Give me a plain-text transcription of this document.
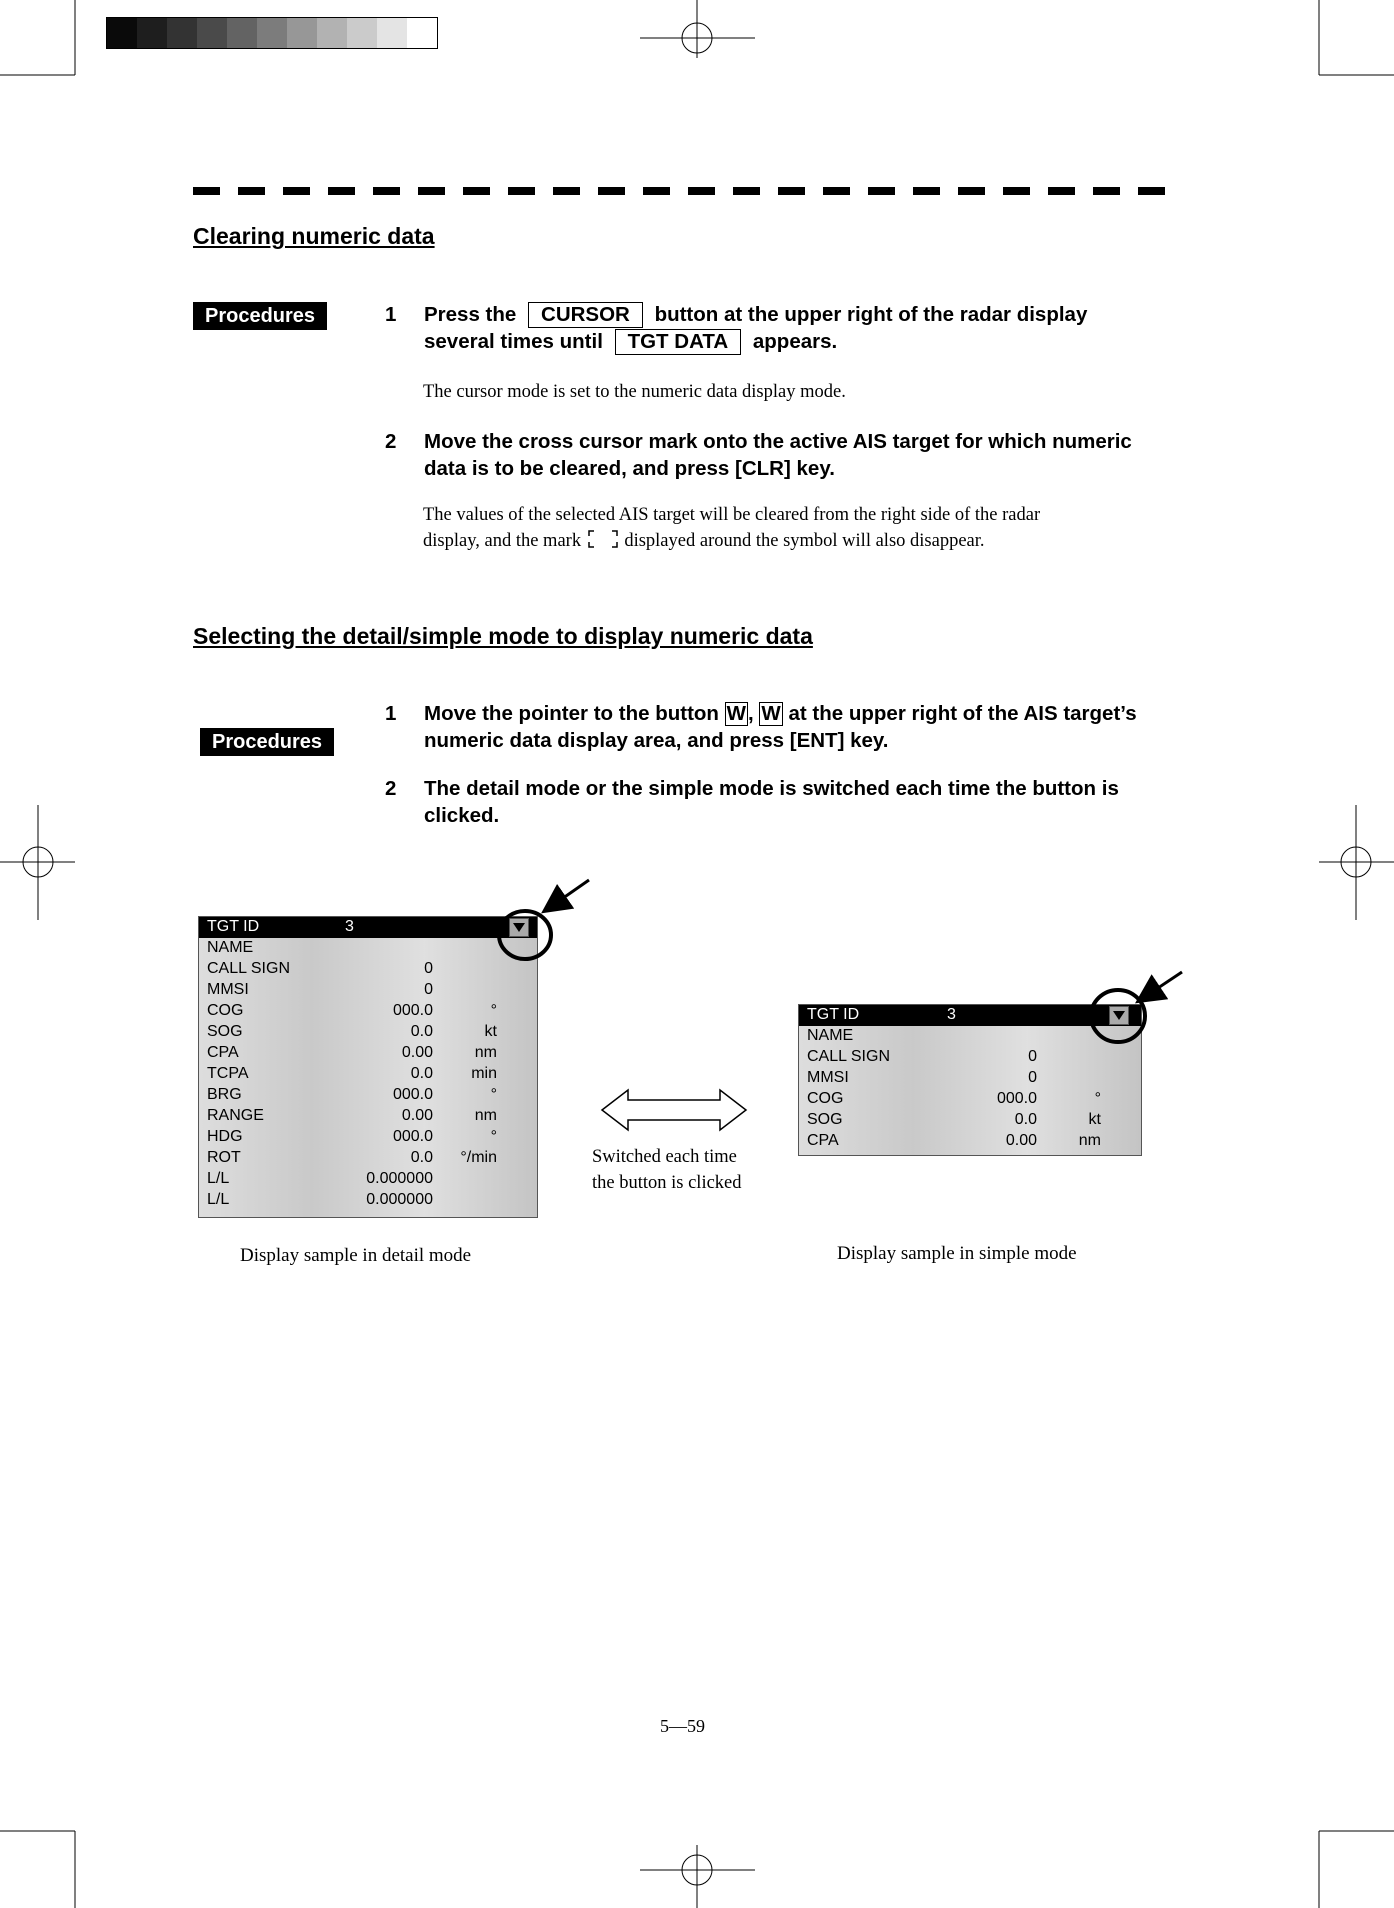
Clearing numeric data
Procedures	1 Press the CURSOR button at the upper right of the radar display
several times until TGT DATA appears.
The cursor mode is set to the numeric data display mode.
2 Move the cross cursor mark onto the active AIS target for which numeric
data is to be cleared, and press [CLR] key.
The values of the selected AIS target will be cleared from the right side of the radar
display, and the mark displayed around the symbol will also disappear.
Selecting the detail/simple mode to display numeric data
Procedures
1 Move the pointer to the button W, W at the upper right of the AIS target’s
numeric data display area, and press [ENT] key.
2 The detail mode or the simple mode is switched each time the button is
clicked.
TGT ID	3
NAME
CALL SIGN	0
MMSI	0
COG	000.0	°
SOG	0.0	kt
CPA	0.00	nm
TCPA	0.0 min
BRG	000.0	°
RANGE	0.00	nm
HDG	000.0	°
ROT	0.0 °/min
L/L	0.000000
L/L	0.000000
TGT ID	3
NAME
CALL SIGN	0
MMSI	0
COG	000.0	°
SOG	0.0	kt
CPA	0.00	nm
Switched each time
the button is clicked
Display sample in detail mode	Display sample in simple mode
5—59
